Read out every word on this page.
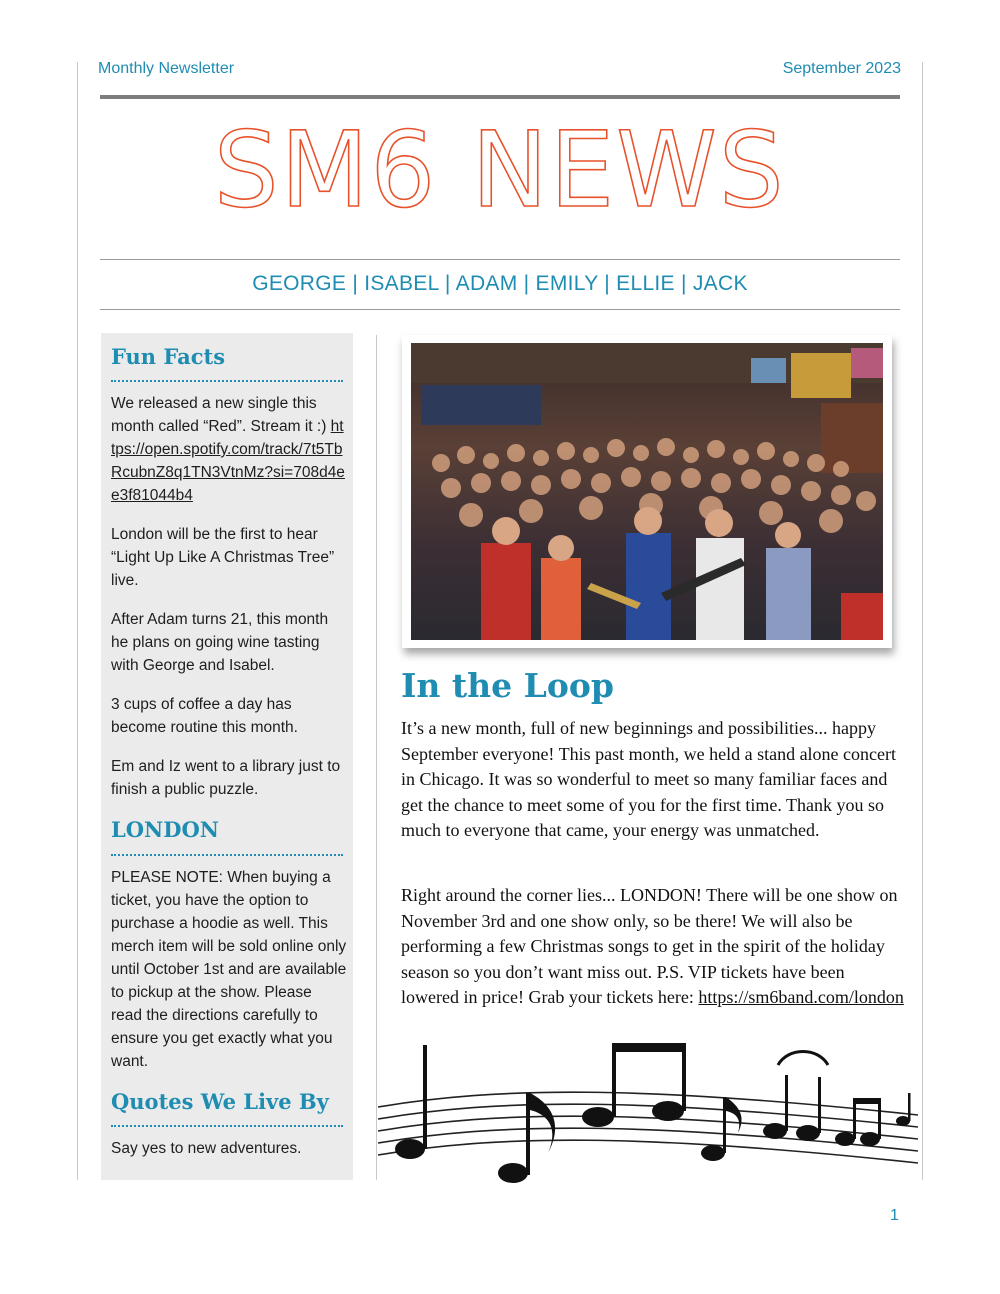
Monthly Newsletter	September 2023
SM6 NEWS
GEORGE | ISABEL | ADAM | EMILY | ELLIE | JACK
Fun Facts
We released a new single this month called “Red”. Stream it :) https://open.spotify.com/track/7t5TbRcubnZ8q1TN3VtnMz?si=708d4ee3f81044b4
London will be the first to hear “Light Up Like A Christmas Tree” live.
After Adam turns 21, this month he plans on going wine tasting with George and Isabel.
3 cups of coffee a day has become routine this month.
Em and Iz went to a library just to finish a public puzzle.
LONDON
PLEASE NOTE: When buying a ticket, you have the option to purchase a hoodie as well. This merch item will be sold online only until October 1st and are available to pickup at the show. Please read the directions carefully to ensure you get exactly what you want.
Quotes We Live By
Say yes to new adventures.
In the Loop
It’s a new month, full of new beginnings and possibilities... happy September everyone! This past month, we held a stand alone concert in Chicago. It was so wonderful to meet so many familiar faces and get the chance to meet some of you for the first time. Thank you so much to everyone that came, your energy was unmatched.
Right around the corner lies... LONDON! There will be one show on November 3rd and one show only, so be there! We will also be performing a few Christmas songs to get in the spirit of the holiday season so you don’t want miss out. P.S. VIP tickets have been lowered in price! Grab your tickets here: https://sm6band.com/london
1
